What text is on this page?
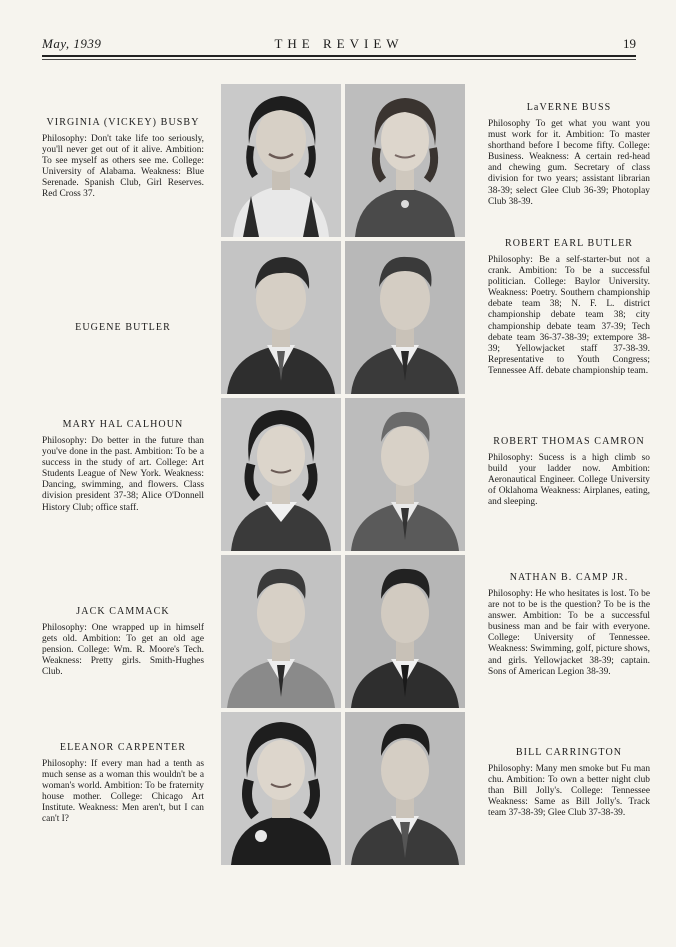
May, 1939	THE REVIEW	19
VIRGINIA (VICKEY) BUSBY

Philosophy: Don't take life too seriously, you'll never get out of it alive. Ambition: To see myself as others see me. College: University of Alabama. Weakness: Blue Serenade. Spanish Club, Girl Reserves. Red Cross 37.

EUGENE BUTLER
MARY HAL CALHOUN

Philosophy: Do better in the future than you've done in the past. Ambition: To be a success in the study of art. College: Art Students League of New York. Weakness: Dancing, swimming, and flowers. Class division president 37-38; Alice O'Donnell History Club; office staff.

JACK CAMMACK

Philosophy: One wrapped up in himself gets old. Ambition: To get an old age pension. College: Wm. R. Moore's Tech. Weakness: Pretty girls. Smith-Hughes Club.

ELEANOR CARPENTER

Philosophy: If every man had a tenth as much sense as a woman this wouldn't be a woman's world. Ambition: To be fraternity house mother. College: Chicago Art Institute. Weakness: Men aren't, but I can can't I?

LaVERNE BUSS

Philosophy To get what you want you must work for it. Ambition: To master shorthand before I become fifty. College: Business. Weakness: A certain red-head and chewing gum. Secretary of class division for two years; assistant librarian 38-39; select Glee Club 36-39; Photoplay Club 38-39.

ROBERT EARL BUTLER

Philosophy: Be a self-starter-but not a crank. Ambition: To be a successful politician. College: Baylor University. Weakness: Poetry. Southern championship debate team 38; N. F. L. district championship debate team 38; city championship debate team 37-39; Tech debate team 36-37-38-39; extempore 38-39; Yellowjacket staff 37-38-39. Representative to Youth Congress; Tennessee Aff. debate championship team.

ROBERT THOMAS CAMRON

Philosophy: Sucess is a high climb so build your ladder now. Ambition: Aeronautical Engineer. College University of Oklahoma Weakness: Airplanes, eating, and sleeping.

NATHAN B. CAMP JR.

Philosophy: He who hesitates is lost. To be are not to be is the question? To be is the answer. Ambition: To be a successful business man and be fair with everyone. College: University of Tennessee. Weakness: Swimming, golf, picture shows, and girls. Yellowjacket 38-39; captain. Sons of American Legion 38-39.

BILL CARRINGTON

Philosophy: Many men smoke but Fu man chu. Ambition: To own a better night club than Bill Jolly's. College: Tennessee Weakness: Same as Bill Jolly's. Track team 37-38-39; Glee Club 37-38-39.
